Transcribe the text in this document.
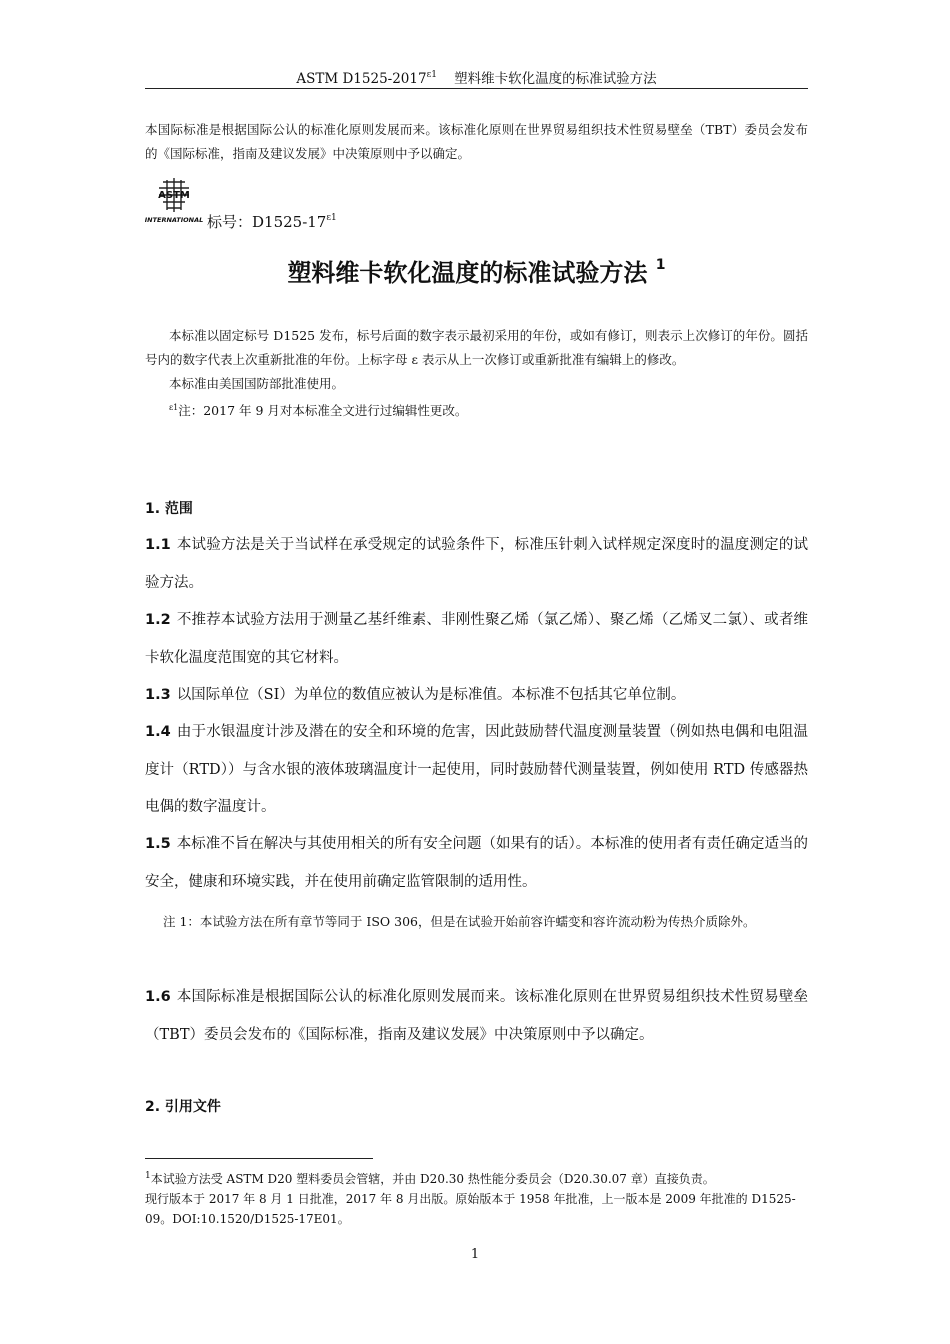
ASTM $D1525-2017^{\varepsilon 1}$ 塑料维卡软化温度的标准试验方法
本国际标准是根据国际公认的标准化原则发展而来。该标准化原则在世界贸易组织技术性贸易壁垒（TBT）委员会发布的《国际标准，指南及建议发展》中决策原则中予以确定。
ASTM
INTERNATIONAL 标号：$D1525-17^{\varepsilon 1}$
塑料维卡软化温度的标准试验方法 $^1$

本标准以固定标号 D1525 发布，标号后面的数字表示最初采用的年份，或如有修订，则表示上次修订的年份。圆括号内的数字代表上次重新批准的年份。上标字母 ε 表示从上一次修订或重新批准有编辑上的修改。

本标准由美国国防部批准使用。

$^{\varepsilon 1}$注：2017 年 9 月对本标准全文进行过编辑性更改。

1. 范围
1.1 本试验方法是关于当试样在承受规定的试验条件下，标准压针刺入试样规定深度时的温度测定的试验方法。
1.2 不推荐本试验方法用于测量乙基纤维素、非刚性聚乙烯（氯乙烯）、聚乙烯（乙烯叉二氯）、或者维卡软化温度范围宽的其它材料。
1.3 以国际单位（SI）为单位的数值应被认为是标准值。本标准不包括其它单位制。
1.4 由于水银温度计涉及潜在的安全和环境的危害，因此鼓励替代温度测量装置（例如热电偶和电阻温度计（RTD））与含水银的液体玻璃温度计一起使用，同时鼓励替代测量装置，例如使用 RTD 传感器热电偶的数字温度计。
1.5 本标准不旨在解决与其使用相关的所有安全问题（如果有的话）。本标准的使用者有责任确定适当的安全，健康和环境实践，并在使用前确定监管限制的适用性。
注 1：本试验方法在所有章节等同于 ISO 306，但是在试验开始前容许蠕变和容许流动粉为传热介质除外。
1.6 本国际标准是根据国际公认的标准化原则发展而来。该标准化原则在世界贸易组织技术性贸易壁垒（TBT）委员会发布的《国际标准，指南及建议发展》中决策原则中予以确定。
2. 引用文件

$^1$本试验方法受 ASTM D20 塑料委员会管辖，并由 D20.30 热性能分委员会（D20.30.07 章）直接负责。

现行版本于 2017 年 8 月 1 日批准，2017 年 8 月出版。原始版本于 1958 年批准，上一版本是 2009 年批准的 D1525-09。DOI:10.1520/D1525-17E01。

1
